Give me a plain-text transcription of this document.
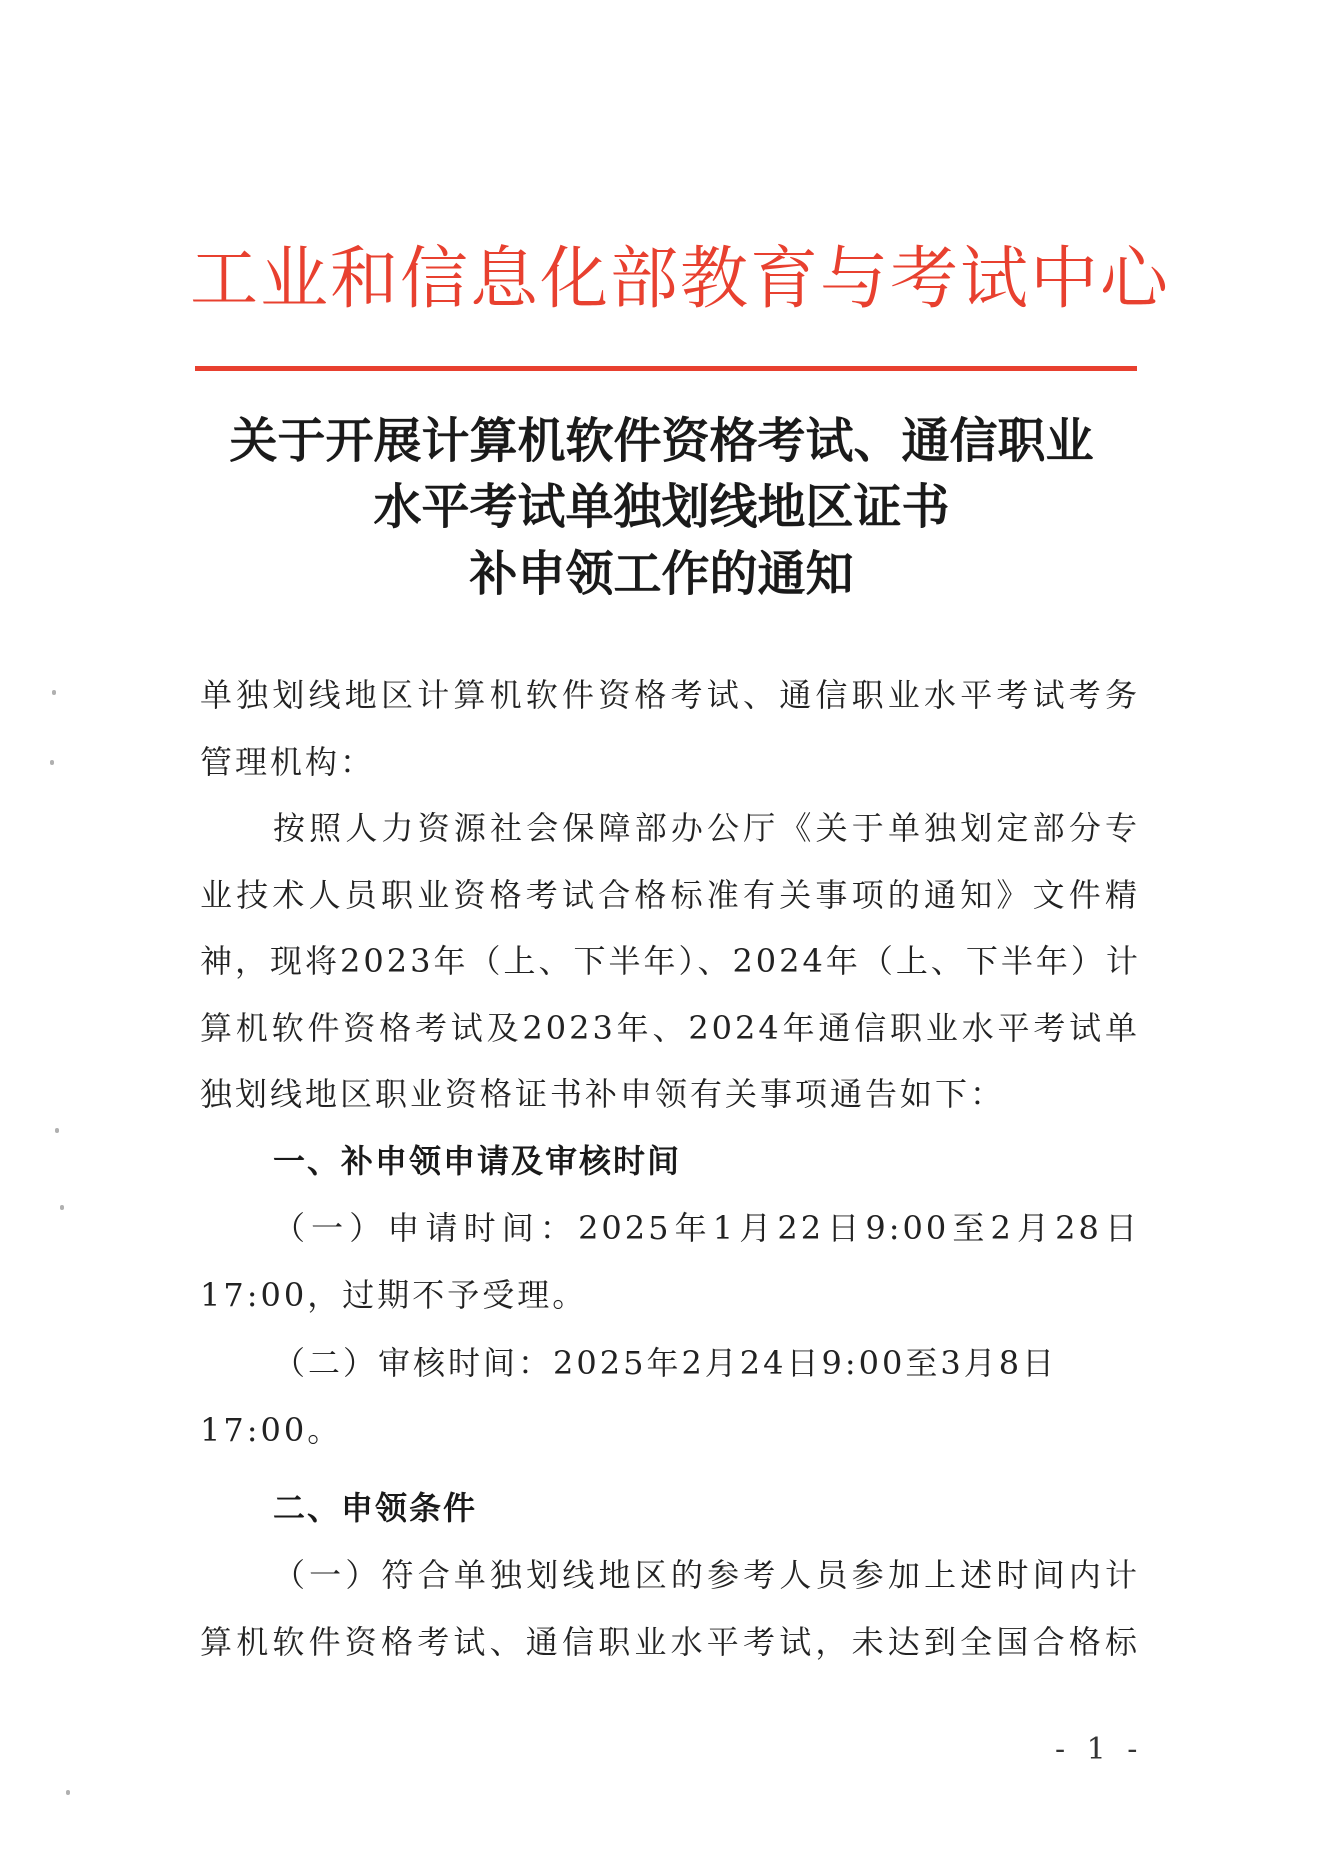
工业和信息化部教育与考试中心
关于开展计算机软件资格考试、通信职业
水平考试单独划线地区证书
补申领工作的通知
单独划线地区计算机软件资格考试、通信职业水平考试考务
管理机构：
按照人力资源社会保障部办公厅《关于单独划定部分专
业技术人员职业资格考试合格标准有关事项的通知》文件精
神，现将2023年（上、下半年）、2024年（上、下半年）计
算机软件资格考试及2023年、2024年通信职业水平考试单
独划线地区职业资格证书补申领有关事项通告如下：
一、补申领申请及审核时间
（一）申请时间：2025年1月22日9:00至2月28日
17:00，过期不予受理。
（二）审核时间：2025年2月24日9:00至3月8日
17:00。
二、申领条件
（一）符合单独划线地区的参考人员参加上述时间内计
算机软件资格考试、通信职业水平考试，未达到全国合格标
- 1 -
